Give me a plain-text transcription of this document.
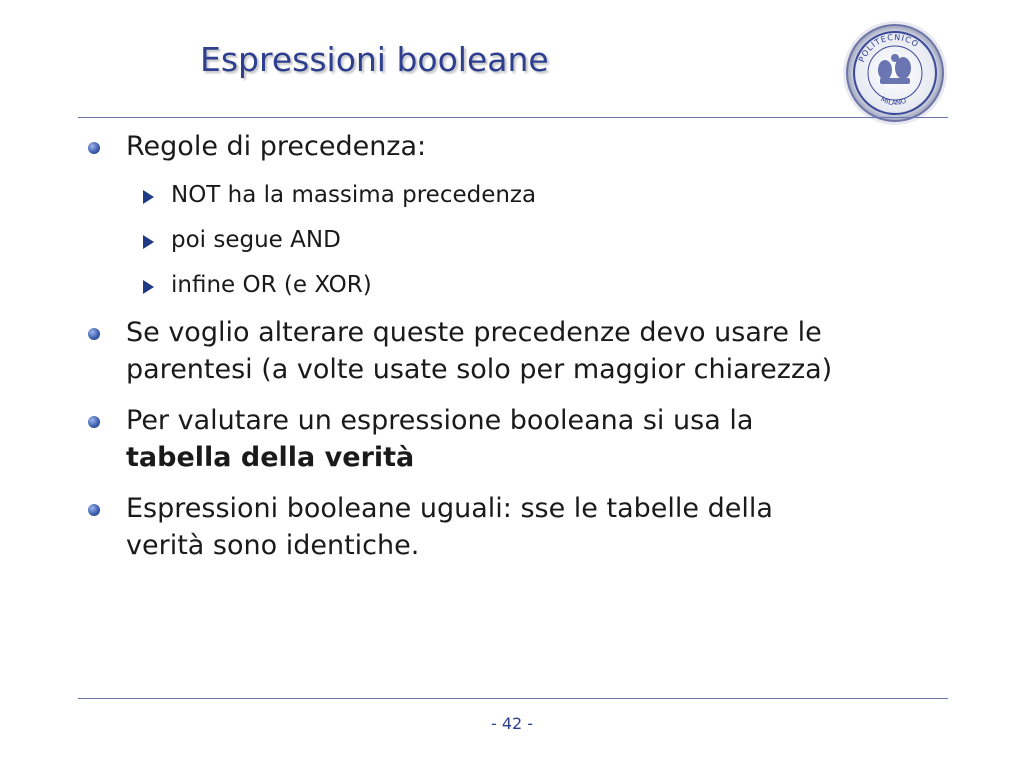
Espressioni booleane	POLITECNICO
MILANO
Regole di precedenza:
NOT ha la massima precedenza
poi segue AND
infine OR (e XOR)
Se voglio alterare queste precedenze devo usare le
parentesi (a volte usate solo per maggior chiarezza)
Per valutare un espressione booleana si usa la
tabella della verità
Espressioni booleane uguali: sse le tabelle della
verità sono identiche.
- 42 -
